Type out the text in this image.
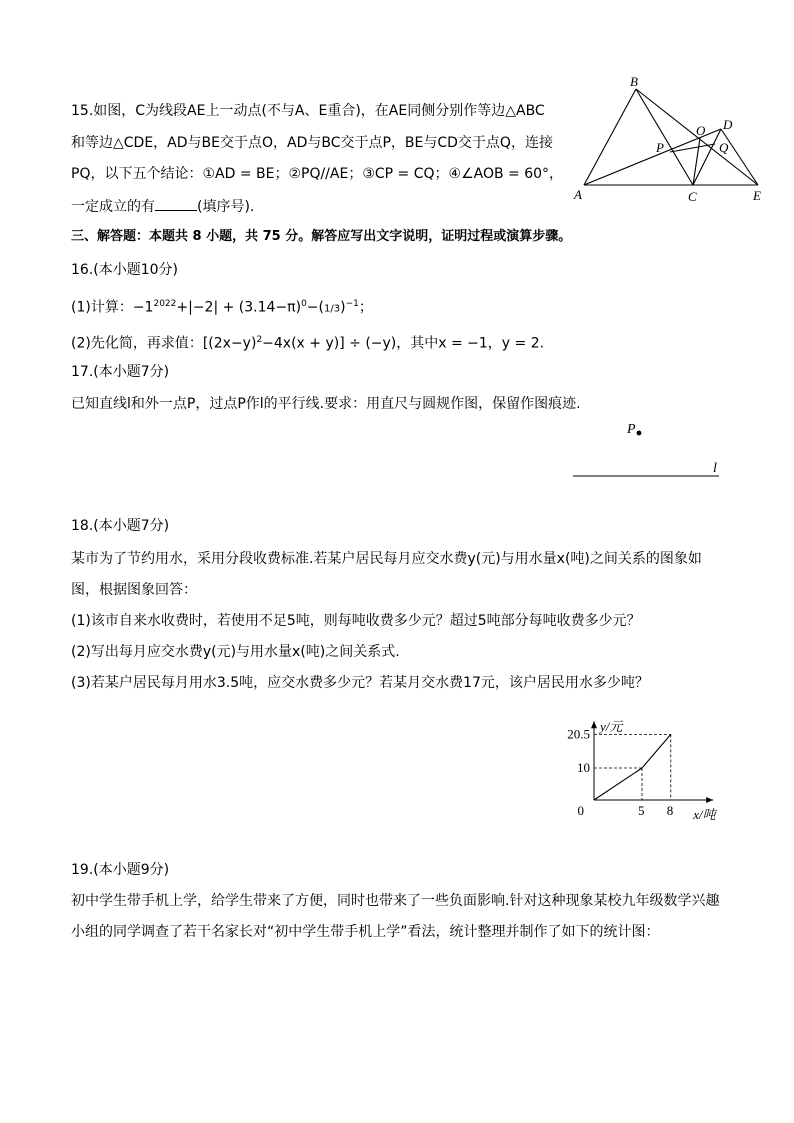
15.如图，C为线段AE上一动点(不与A、E重合)，在AE同侧分别作等边△ABC
和等边△CDE，AD与BE交于点O，AD与BC交于点P，BE与CD交于点Q，连接
PQ，以下五个结论：①AD = BE；②PQ//AE；③CP = CQ；④∠AOB = 60°，
一定成立的有	(填序号).
A
B
C
D
E
O
P	Q
三、解答题：本题共 8 小题，共 75 分。解答应写出文字说明，证明过程或演算步骤。
16.(本小题10分)
(1)计算：$-1^{2022}+|-2| + (3.14-\pi)^0-(1/3)^{-1}$；
(2)先化简，再求值：$[(2x-y)^2-4x(x + y)] \div (-y)$，其中x = −1，y = 2.
17.(本小题7分)
已知直线l和外一点P，过点P作l的平行线.要求：用直尺与圆规作图，保留作图痕迹.
P
l
18.(本小题7分)
某市为了节约用水，采用分段收费标准.若某户居民每月应交水费y(元)与用水量x(吨)之间关系的图象如
图，根据图象回答：
(1)该市自来水收费时，若使用不足5吨，则每吨收费多少元？超过5吨部分每吨收费多少元？
(2)写出每月应交水费y(元)与用水量x(吨)之间关系式.
(3)若某户居民每月用水3.5吨，应交水费多少元？若某月交水费17元，该户居民用水多少吨？
5 8
10
20.5
0	x/吨
y/元
19.(本小题9分)
初中学生带手机上学，给学生带来了方便，同时也带来了一些负面影响.针对这种现象某校九年级数学兴趣
小组的同学调查了若干名家长对“初中学生带手机上学”看法，统计整理并制作了如下的统计图：
